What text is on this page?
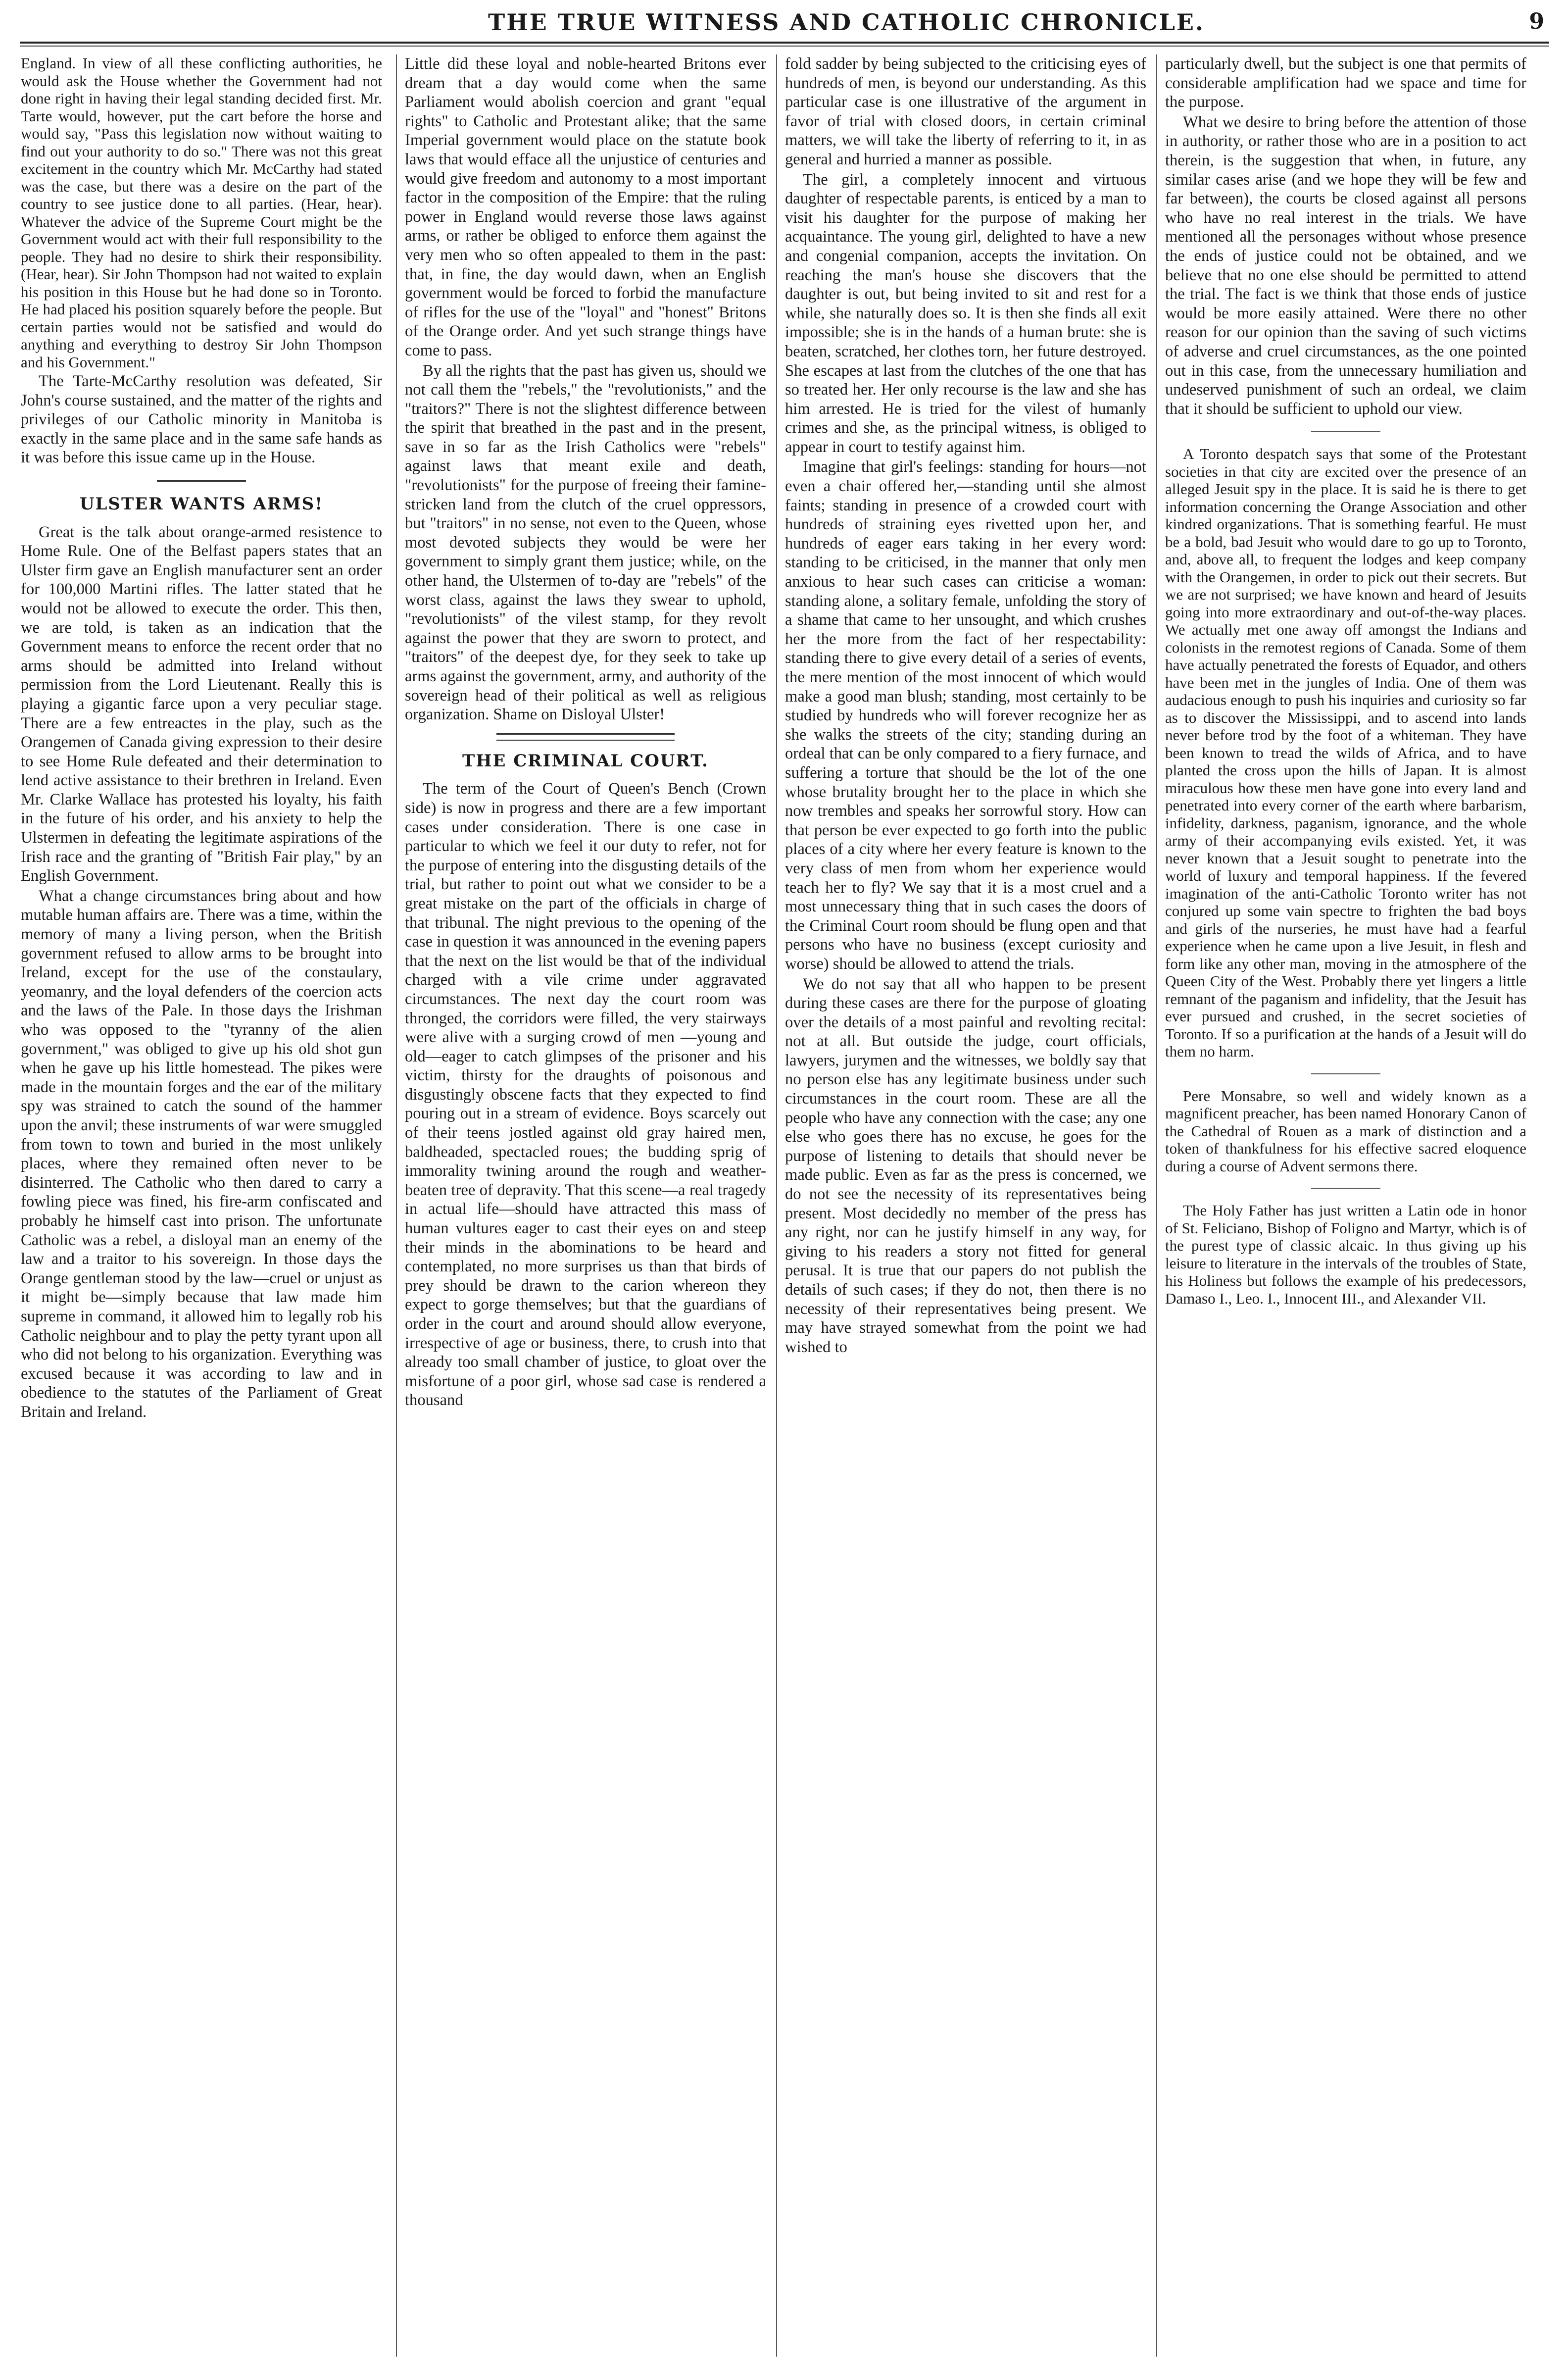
THE TRUE WITNESS AND CATHOLIC CHRONICLE.	9

England. In view of all these conflicting authorities, he would ask the House whether the Government had not done right in having their legal standing decided first. Mr. Tarte would, however, put the cart before the horse and would say, "Pass this legislation now without waiting to find out your authority to do so." There was not this great excitement in the country which Mr. McCarthy had stated was the case, but there was a desire on the part of the country to see justice done to all parties. (Hear, hear). Whatever the advice of the Supreme Court might be the Government would act with their full responsibility to the people. They had no desire to shirk their responsibility. (Hear, hear). Sir John Thompson had not waited to explain his position in this House but he had done so in Toronto. He had placed his position squarely before the people. But certain parties would not be satisfied and would do anything and everything to destroy Sir John Thompson and his Government."

The Tarte-McCarthy resolution was defeated, Sir John's course sustained, and the matter of the rights and privileges of our Catholic minority in Manitoba is exactly in the same place and in the same safe hands as it was before this issue came up in the House.

ULSTER WANTS ARMS!

Great is the talk about orange-armed resistence to Home Rule. One of the Belfast papers states that an Ulster firm gave an English manufacturer sent an order for 100,000 Martini rifles. The latter stated that he would not be allowed to execute the order. This then, we are told, is taken as an indication that the Government means to enforce the recent order that no arms should be admitted into Ireland without permission from the Lord Lieutenant. Really this is playing a gigantic farce upon a very peculiar stage. There are a few entreactes in the play, such as the Orangemen of Canada giving expression to their desire to see Home Rule defeated and their determination to lend active assistance to their brethren in Ireland. Even Mr. Clarke Wallace has protested his loyalty, his faith in the future of his order, and his anxiety to help the Ulstermen in defeating the legitimate aspirations of the Irish race and the granting of "British Fair play," by an English Government.

What a change circumstances bring about and how mutable human affairs are. There was a time, within the memory of many a living person, when the British government refused to allow arms to be brought into Ireland, except for the use of the constaulary, yeomanry, and the loyal defenders of the coercion acts and the laws of the Pale. In those days the Irishman who was opposed to the "tyranny of the alien government," was obliged to give up his old shot gun when he gave up his little homestead. The pikes were made in the mountain forges and the ear of the military spy was strained to catch the sound of the hammer upon the anvil; these instruments of war were smuggled from town to town and buried in the most unlikely places, where they remained often never to be disinterred. The Catholic who then dared to carry a fowling piece was fined, his fire-arm confiscated and probably he himself cast into prison. The unfortunate Catholic was a rebel, a disloyal man an enemy of the law and a traitor to his sovereign. In those days the Orange gentleman stood by the law—cruel or unjust as it might be—simply because that law made him supreme in command, it allowed him to legally rob his Catholic neighbour and to play the petty tyrant upon all who did not belong to his organization. Everything was excused because it was according to law and in obedience to the statutes of the Parliament of Great Britain and Ireland.

Little did these loyal and noble-hearted Britons ever dream that a day would come when the same Parliament would abolish coercion and grant "equal rights" to Catholic and Protestant alike; that the same Imperial government would place on the statute book laws that would efface all the unjustice of centuries and would give freedom and autonomy to a most important factor in the composition of the Empire: that the ruling power in England would reverse those laws against arms, or rather be obliged to enforce them against the very men who so often appealed to them in the past: that, in fine, the day would dawn, when an English government would be forced to forbid the manufacture of rifles for the use of the "loyal" and "honest" Britons of the Orange order. And yet such strange things have come to pass.

By all the rights that the past has given us, should we not call them the "rebels," the "revolutionists," and the "traitors?" There is not the slightest difference between the spirit that breathed in the past and in the present, save in so far as the Irish Catholics were "rebels" against laws that meant exile and death, "revolutionists" for the purpose of freeing their famine-stricken land from the clutch of the cruel oppressors, but "traitors" in no sense, not even to the Queen, whose most devoted subjects they would be were her government to simply grant them justice; while, on the other hand, the Ulstermen of to-day are "rebels" of the worst class, against the laws they swear to uphold, "revolutionists" of the vilest stamp, for they revolt against the power that they are sworn to protect, and "traitors" of the deepest dye, for they seek to take up arms against the government, army, and authority of the sovereign head of their political as well as religious organization. Shame on Disloyal Ulster!

THE CRIMINAL COURT.

The term of the Court of Queen's Bench (Crown side) is now in progress and there are a few important cases under consideration. There is one case in particular to which we feel it our duty to refer, not for the purpose of entering into the disgusting details of the trial, but rather to point out what we consider to be a great mistake on the part of the officials in charge of that tribunal. The night previous to the opening of the case in question it was announced in the evening papers that the next on the list would be that of the individual charged with a vile crime under aggravated circumstances. The next day the court room was thronged, the corridors were filled, the very stairways were alive with a surging crowd of men —young and old—eager to catch glimpses of the prisoner and his victim, thirsty for the draughts of poisonous and disgustingly obscene facts that they expected to find pouring out in a stream of evidence. Boys scarcely out of their teens jostled against old gray haired men, baldheaded, spectacled roues; the budding sprig of immorality twining around the rough and weather-beaten tree of depravity. That this scene—a real tragedy in actual life—should have attracted this mass of human vultures eager to cast their eyes on and steep their minds in the abominations to be heard and contemplated, no more surprises us than that birds of prey should be drawn to the carion whereon they expect to gorge themselves; but that the guardians of order in the court and around should allow everyone, irrespective of age or business, there, to crush into that already too small chamber of justice, to gloat over the misfortune of a poor girl, whose sad case is rendered a thousand

fold sadder by being subjected to the criticising eyes of hundreds of men, is beyond our understanding. As this particular case is one illustrative of the argument in favor of trial with closed doors, in certain criminal matters, we will take the liberty of referring to it, in as general and hurried a manner as possible.

The girl, a completely innocent and virtuous daughter of respectable parents, is enticed by a man to visit his daughter for the purpose of making her acquaintance. The young girl, delighted to have a new and congenial companion, accepts the invitation. On reaching the man's house she discovers that the daughter is out, but being invited to sit and rest for a while, she naturally does so. It is then she finds all exit impossible; she is in the hands of a human brute: she is beaten, scratched, her clothes torn, her future destroyed. She escapes at last from the clutches of the one that has so treated her. Her only recourse is the law and she has him arrested. He is tried for the vilest of humanly crimes and she, as the principal witness, is obliged to appear in court to testify against him.

Imagine that girl's feelings: standing for hours—not even a chair offered her,—standing until she almost faints; standing in presence of a crowded court with hundreds of straining eyes rivetted upon her, and hundreds of eager ears taking in her every word: standing to be criticised, in the manner that only men anxious to hear such cases can criticise a woman: standing alone, a solitary female, unfolding the story of a shame that came to her unsought, and which crushes her the more from the fact of her respectability: standing there to give every detail of a series of events, the mere mention of the most innocent of which would make a good man blush; standing, most certainly to be studied by hundreds who will forever recognize her as she walks the streets of the city; standing during an ordeal that can be only compared to a fiery furnace, and suffering a torture that should be the lot of the one whose brutality brought her to the place in which she now trembles and speaks her sorrowful story. How can that person be ever expected to go forth into the public places of a city where her every feature is known to the very class of men from whom her experience would teach her to fly? We say that it is a most cruel and a most unnecessary thing that in such cases the doors of the Criminal Court room should be flung open and that persons who have no business (except curiosity and worse) should be allowed to attend the trials.

We do not say that all who happen to be present during these cases are there for the purpose of gloating over the details of a most painful and revolting recital: not at all. But outside the judge, court officials, lawyers, jurymen and the witnesses, we boldly say that no person else has any legitimate business under such circumstances in the court room. These are all the people who have any connection with the case; any one else who goes there has no excuse, he goes for the purpose of listening to details that should never be made public. Even as far as the press is concerned, we do not see the necessity of its representatives being present. Most decidedly no member of the press has any right, nor can he justify himself in any way, for giving to his readers a story not fitted for general perusal. It is true that our papers do not publish the details of such cases; if they do not, then there is no necessity of their representatives being present. We may have strayed somewhat from the point we had wished to

particularly dwell, but the subject is one that permits of considerable amplification had we space and time for the purpose.

What we desire to bring before the attention of those in authority, or rather those who are in a position to act therein, is the suggestion that when, in future, any similar cases arise (and we hope they will be few and far between), the courts be closed against all persons who have no real interest in the trials. We have mentioned all the personages without whose presence the ends of justice could not be obtained, and we believe that no one else should be permitted to attend the trial. The fact is we think that those ends of justice would be more easily attained. Were there no other reason for our opinion than the saving of such victims of adverse and cruel circumstances, as the one pointed out in this case, from the unnecessary humiliation and undeserved punishment of such an ordeal, we claim that it should be sufficient to uphold our view.

A Toronto despatch says that some of the Protestant societies in that city are excited over the presence of an alleged Jesuit spy in the place. It is said he is there to get information concerning the Orange Association and other kindred organizations. That is something fearful. He must be a bold, bad Jesuit who would dare to go up to Toronto, and, above all, to frequent the lodges and keep company with the Orangemen, in order to pick out their secrets. But we are not surprised; we have known and heard of Jesuits going into more extraordinary and out-of-the-way places. We actually met one away off amongst the Indians and colonists in the remotest regions of Canada. Some of them have actually penetrated the forests of Equador, and others have been met in the jungles of India. One of them was audacious enough to push his inquiries and curiosity so far as to discover the Mississippi, and to ascend into lands never before trod by the foot of a whiteman. They have been known to tread the wilds of Africa, and to have planted the cross upon the hills of Japan. It is almost miraculous how these men have gone into every land and penetrated into every corner of the earth where barbarism, infidelity, darkness, paganism, ignorance, and the whole army of their accompanying evils existed. Yet, it was never known that a Jesuit sought to penetrate into the world of luxury and temporal happiness. If the fevered imagination of the anti-Catholic Toronto writer has not conjured up some vain spectre to frighten the bad boys and girls of the nurseries, he must have had a fearful experience when he came upon a live Jesuit, in flesh and form like any other man, moving in the atmosphere of the Queen City of the West. Probably there yet lingers a little remnant of the paganism and infidelity, that the Jesuit has ever pursued and crushed, in the secret societies of Toronto. If so a purification at the hands of a Jesuit will do them no harm.

Pere Monsabre, so well and widely known as a magnificent preacher, has been named Honorary Canon of the Cathedral of Rouen as a mark of distinction and a token of thankfulness for his effective sacred eloquence during a course of Advent sermons there.

The Holy Father has just written a Latin ode in honor of St. Feliciano, Bishop of Foligno and Martyr, which is of the purest type of classic alcaic. In thus giving up his leisure to literature in the intervals of the troubles of State, his Holiness but follows the example of his predecessors, Damaso I., Leo. I., Innocent III., and Alexander VII.
